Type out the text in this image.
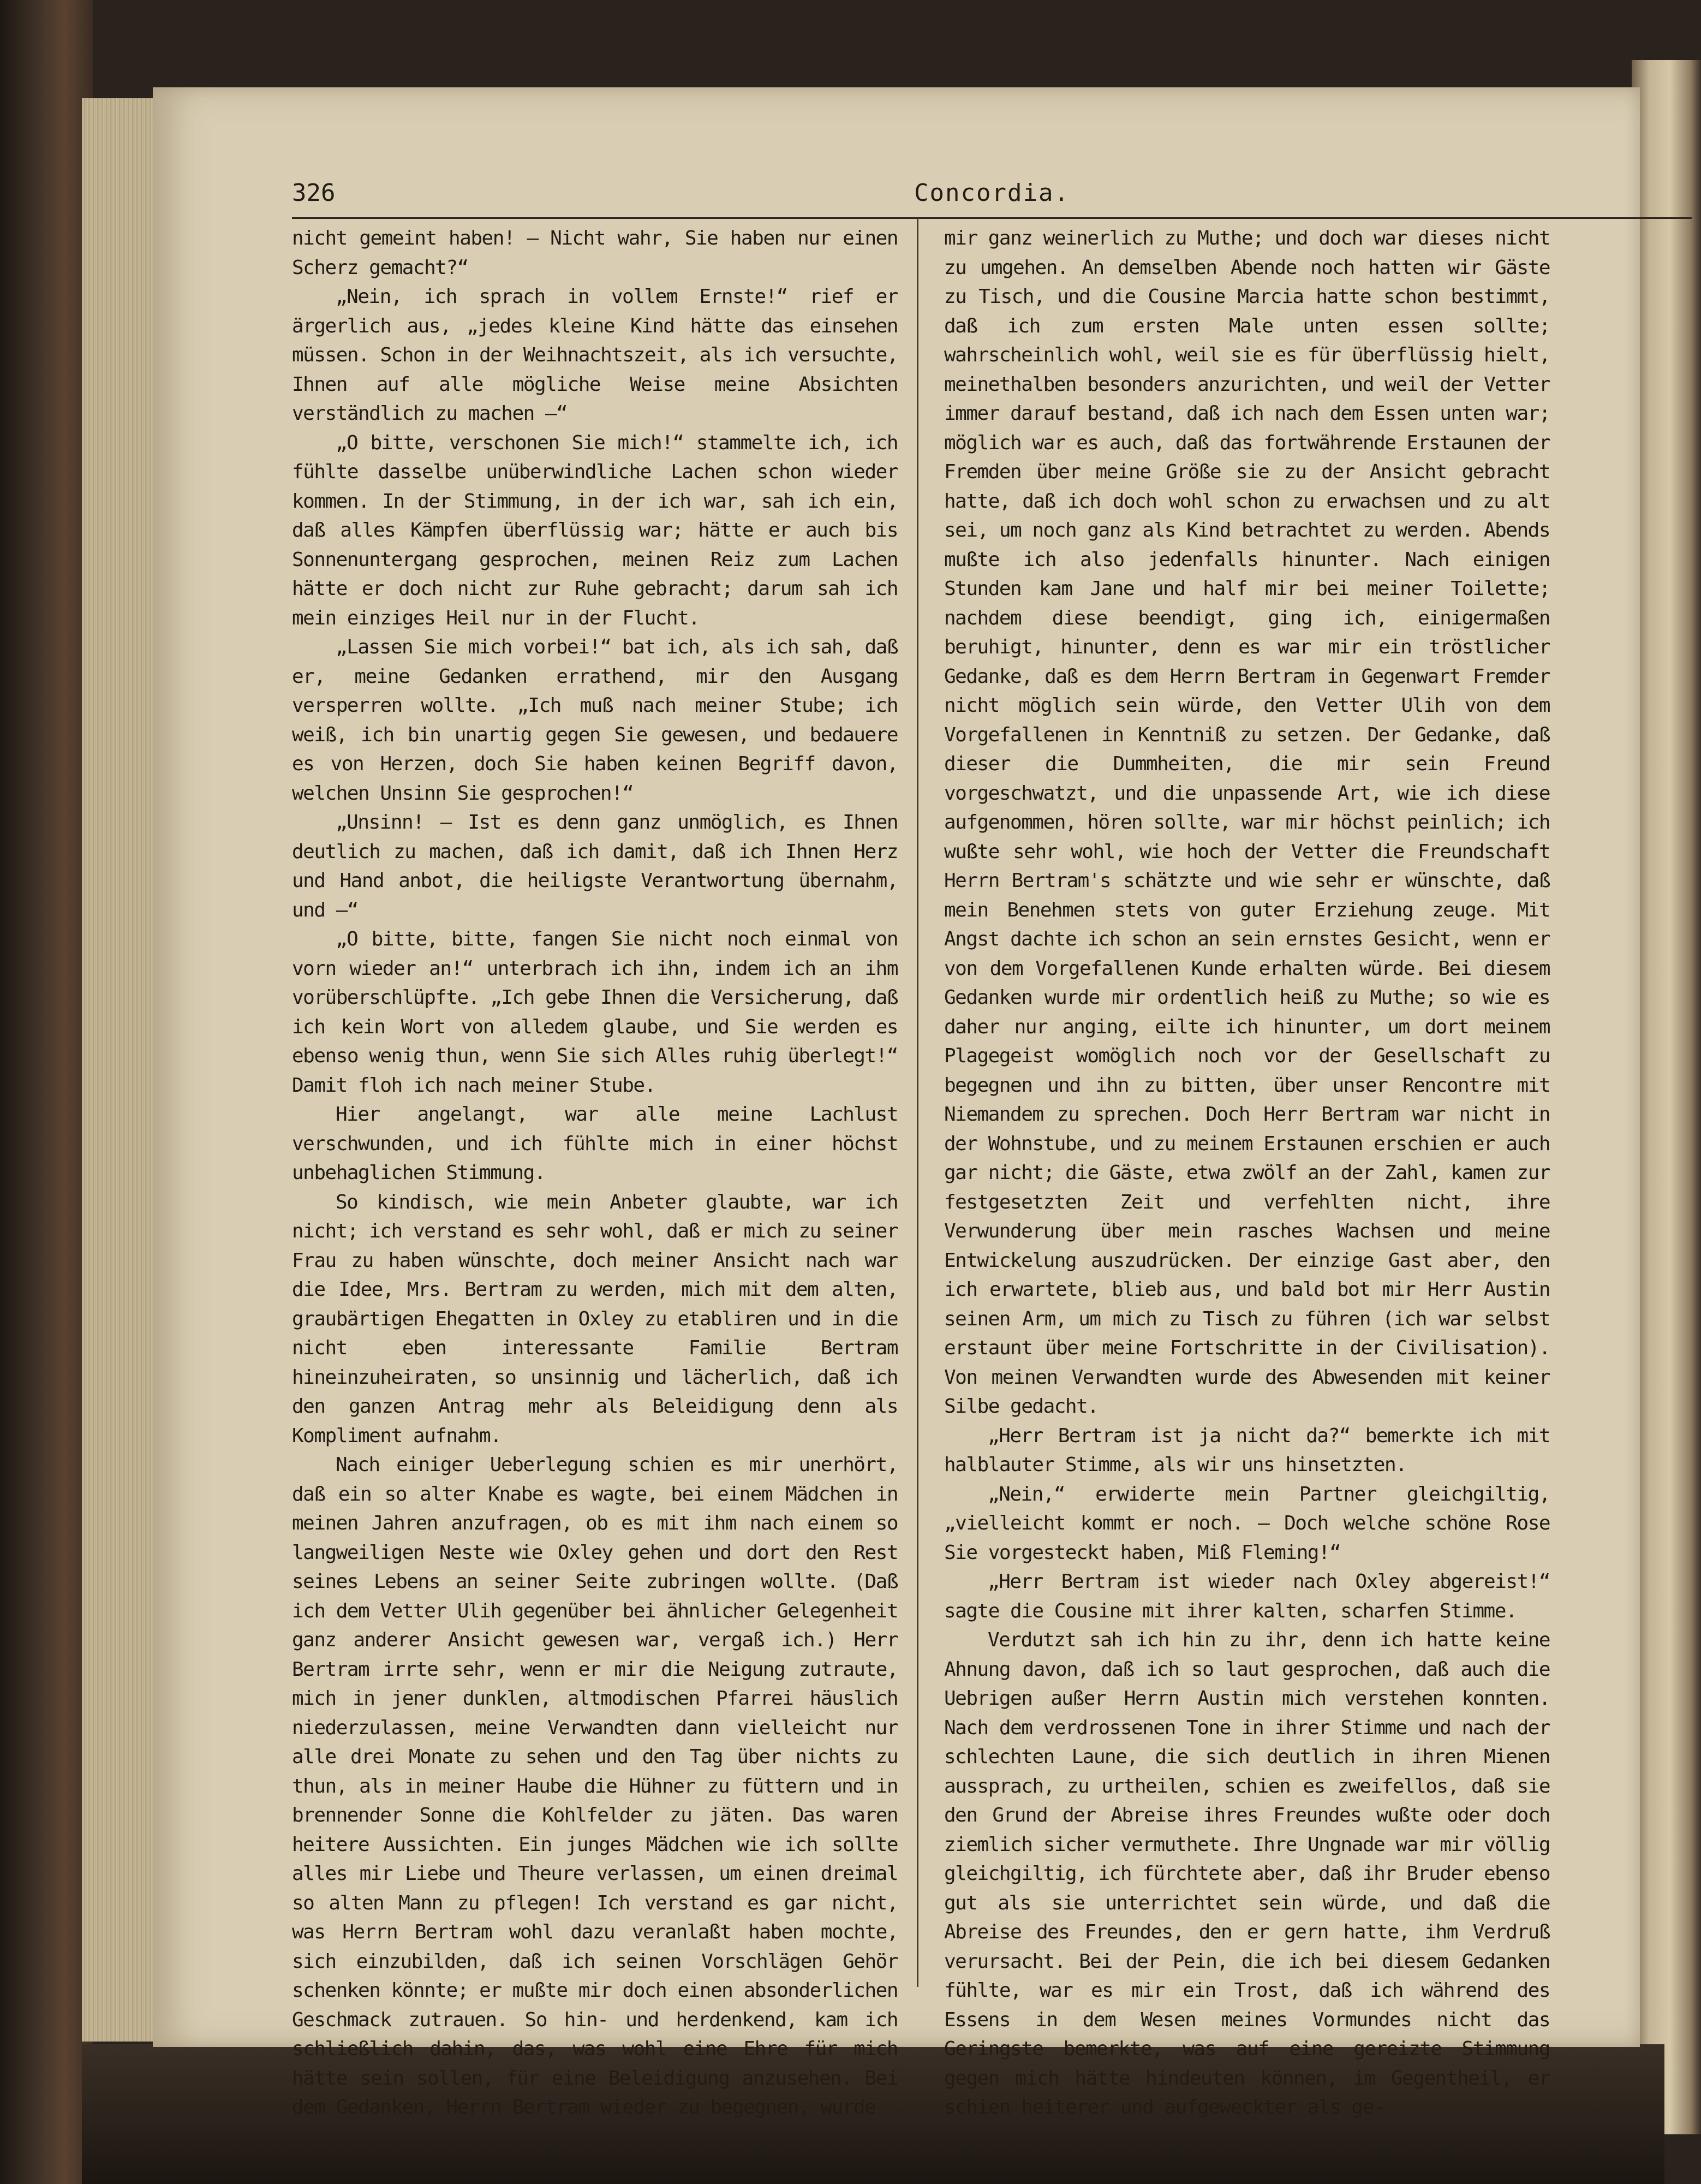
326	Concordia.

nicht gemeint haben! — Nicht wahr, Sie haben nur einen Scherz gemacht?“

„Nein, ich sprach in vollem Ernste!“ rief er ärgerlich aus, „jedes kleine Kind hätte das einsehen müssen. Schon in der Weihnachtszeit, als ich versuchte, Ihnen auf alle mögliche Weise meine Absichten verständlich zu machen —“

„O bitte, verschonen Sie mich!“ stammelte ich, ich fühlte dasselbe unüberwindliche Lachen schon wieder kommen. In der Stimmung, in der ich war, sah ich ein, daß alles Kämpfen überflüssig war; hätte er auch bis Sonnenuntergang gesprochen, meinen Reiz zum Lachen hätte er doch nicht zur Ruhe gebracht; darum sah ich mein einziges Heil nur in der Flucht.

„Lassen Sie mich vorbei!“ bat ich, als ich sah, daß er, meine Gedanken errathend, mir den Ausgang versperren wollte. „Ich muß nach meiner Stube; ich weiß, ich bin unartig gegen Sie gewesen, und bedauere es von Herzen, doch Sie haben keinen Begriff davon, welchen Unsinn Sie gesprochen!“

„Unsinn! — Ist es denn ganz unmöglich, es Ihnen deutlich zu machen, daß ich damit, daß ich Ihnen Herz und Hand anbot, die heiligste Verantwortung übernahm, und —“

„O bitte, bitte, fangen Sie nicht noch einmal von vorn wieder an!“ unterbrach ich ihn, indem ich an ihm vorüberschlüpfte. „Ich gebe Ihnen die Versicherung, daß ich kein Wort von alledem glaube, und Sie werden es ebenso wenig thun, wenn Sie sich Alles ruhig überlegt!“ Damit floh ich nach meiner Stube.

Hier angelangt, war alle meine Lachlust verschwunden, und ich fühlte mich in einer höchst unbehaglichen Stimmung.

So kindisch, wie mein Anbeter glaubte, war ich nicht; ich verstand es sehr wohl, daß er mich zu seiner Frau zu haben wünschte, doch meiner Ansicht nach war die Idee, Mrs. Bertram zu werden, mich mit dem alten, graubärtigen Ehegatten in Oxley zu etabliren und in die nicht eben interessante Familie Bertram hineinzuheiraten, so unsinnig und lächerlich, daß ich den ganzen Antrag mehr als Beleidigung denn als Kompliment aufnahm.

Nach einiger Ueberlegung schien es mir unerhört, daß ein so alter Knabe es wagte, bei einem Mädchen in meinen Jahren anzufragen, ob es mit ihm nach einem so langweiligen Neste wie Oxley gehen und dort den Rest seines Lebens an seiner Seite zubringen wollte. (Daß ich dem Vetter Ulih gegenüber bei ähnlicher Gelegenheit ganz anderer Ansicht gewesen war, vergaß ich.) Herr Bertram irrte sehr, wenn er mir die Neigung zutraute, mich in jener dunklen, altmodischen Pfarrei häuslich niederzulassen, meine Verwandten dann vielleicht nur alle drei Monate zu sehen und den Tag über nichts zu thun, als in meiner Haube die Hühner zu füttern und in brennender Sonne die Kohlfelder zu jäten. Das waren heitere Aussichten. Ein junges Mädchen wie ich sollte alles mir Liebe und Theure verlassen, um einen dreimal so alten Mann zu pflegen! Ich verstand es gar nicht, was Herrn Bertram wohl dazu veranlaßt haben mochte, sich einzubilden, daß ich seinen Vorschlägen Gehör schenken könnte; er mußte mir doch einen absonderlichen Geschmack zutrauen. So hin- und herdenkend, kam ich schließlich dahin, das, was wohl eine Ehre für mich hätte sein sollen, für eine Beleidigung anzusehen. Bei dem Gedanken, Herrn Bertram wieder zu begegnen, wurde

mir ganz weinerlich zu Muthe; und doch war dieses nicht zu umgehen. An demselben Abende noch hatten wir Gäste zu Tisch, und die Cousine Marcia hatte schon bestimmt, daß ich zum ersten Male unten essen sollte; wahrscheinlich wohl, weil sie es für überflüssig hielt, meinethalben besonders anzurichten, und weil der Vetter immer darauf bestand, daß ich nach dem Essen unten war; möglich war es auch, daß das fortwährende Erstaunen der Fremden über meine Größe sie zu der Ansicht gebracht hatte, daß ich doch wohl schon zu erwachsen und zu alt sei, um noch ganz als Kind betrachtet zu werden. Abends mußte ich also jedenfalls hinunter. Nach einigen Stunden kam Jane und half mir bei meiner Toilette; nachdem diese beendigt, ging ich, einigermaßen beruhigt, hinunter, denn es war mir ein tröstlicher Gedanke, daß es dem Herrn Bertram in Gegenwart Fremder nicht möglich sein würde, den Vetter Ulih von dem Vorgefallenen in Kenntniß zu setzen. Der Gedanke, daß dieser die Dummheiten, die mir sein Freund vorgeschwatzt, und die unpassende Art, wie ich diese aufgenommen, hören sollte, war mir höchst peinlich; ich wußte sehr wohl, wie hoch der Vetter die Freundschaft Herrn Bertram's schätzte und wie sehr er wünschte, daß mein Benehmen stets von guter Erziehung zeuge. Mit Angst dachte ich schon an sein ernstes Gesicht, wenn er von dem Vorgefallenen Kunde erhalten würde. Bei diesem Gedanken wurde mir ordentlich heiß zu Muthe; so wie es daher nur anging, eilte ich hinunter, um dort meinem Plagegeist womöglich noch vor der Gesellschaft zu begegnen und ihn zu bitten, über unser Rencontre mit Niemandem zu sprechen. Doch Herr Bertram war nicht in der Wohnstube, und zu meinem Erstaunen erschien er auch gar nicht; die Gäste, etwa zwölf an der Zahl, kamen zur festgesetzten Zeit und verfehlten nicht, ihre Verwunderung über mein rasches Wachsen und meine Entwickelung auszudrücken. Der einzige Gast aber, den ich erwartete, blieb aus, und bald bot mir Herr Austin seinen Arm, um mich zu Tisch zu führen (ich war selbst erstaunt über meine Fortschritte in der Civilisation). Von meinen Verwandten wurde des Abwesenden mit keiner Silbe gedacht.

„Herr Bertram ist ja nicht da?“ bemerkte ich mit halblauter Stimme, als wir uns hinsetzten.

„Nein,“ erwiderte mein Partner gleichgiltig, „vielleicht kommt er noch. — Doch welche schöne Rose Sie vorgesteckt haben, Miß Fleming!“

„Herr Bertram ist wieder nach Oxley abgereist!“ sagte die Cousine mit ihrer kalten, scharfen Stimme.

Verdutzt sah ich hin zu ihr, denn ich hatte keine Ahnung davon, daß ich so laut gesprochen, daß auch die Uebrigen außer Herrn Austin mich verstehen konnten. Nach dem verdrossenen Tone in ihrer Stimme und nach der schlechten Laune, die sich deutlich in ihren Mienen aussprach, zu urtheilen, schien es zweifellos, daß sie den Grund der Abreise ihres Freundes wußte oder doch ziemlich sicher vermuthete. Ihre Ungnade war mir völlig gleichgiltig, ich fürchtete aber, daß ihr Bruder ebenso gut als sie unterrichtet sein würde, und daß die Abreise des Freundes, den er gern hatte, ihm Verdruß verursacht. Bei der Pein, die ich bei diesem Gedanken fühlte, war es mir ein Trost, daß ich während des Essens in dem Wesen meines Vormundes nicht das Geringste bemerkte, was auf eine gereizte Stimmung gegen mich hätte hindeuten können, im Gegentheil, er schien heiterer und aufgeweckter als ge-
